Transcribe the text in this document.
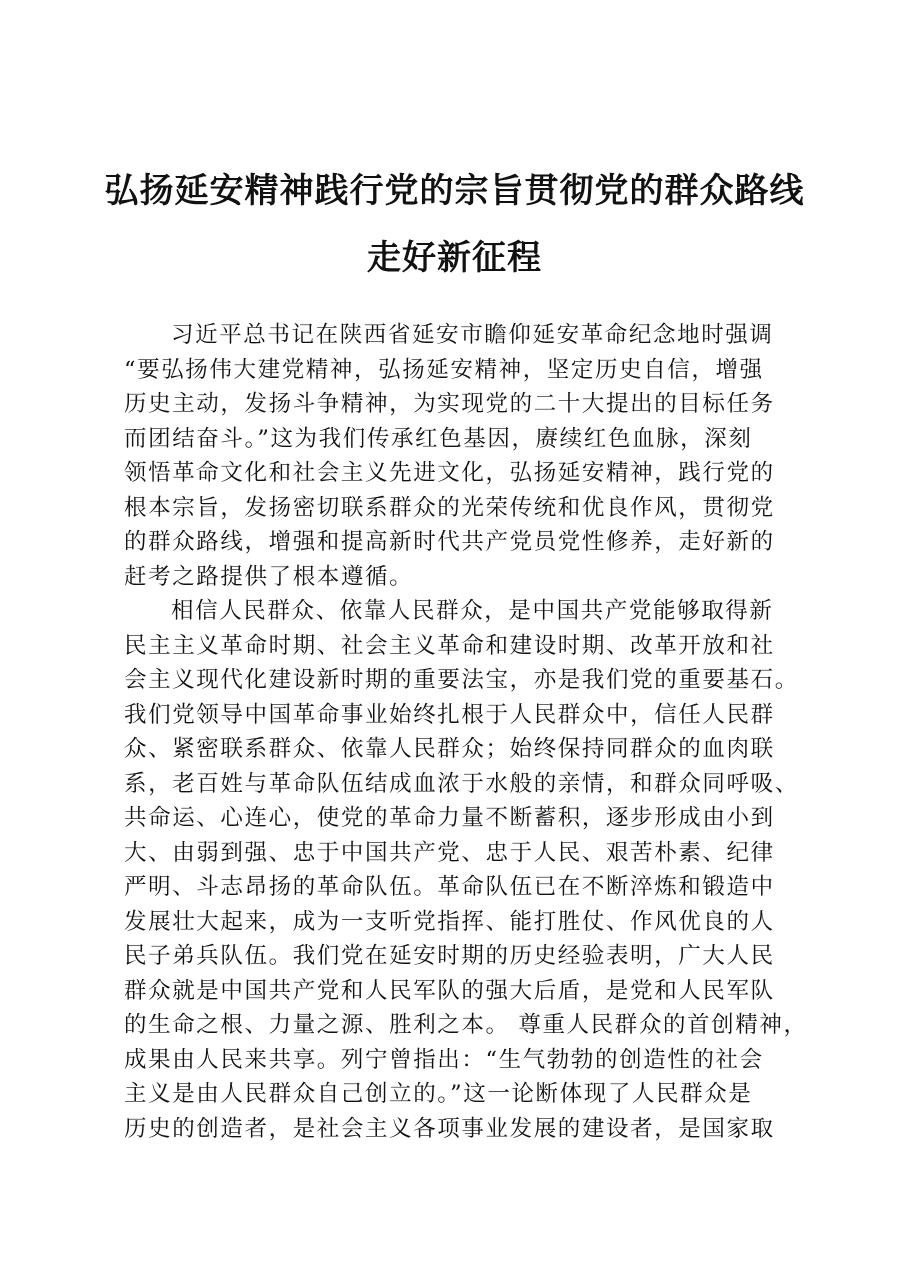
弘扬延安精神践行党的宗旨贯彻党的群众路线
走好新征程
习近平总书记在陕西省延安市瞻仰延安革命纪念地时强调
“要弘扬伟大建党精神，弘扬延安精神，坚定历史自信，增强
历史主动，发扬斗争精神，为实现党的二十大提出的目标任务
而团结奋斗。”这为我们传承红色基因，赓续红色血脉，深刻
领悟革命文化和社会主义先进文化，弘扬延安精神，践行党的
根本宗旨，发扬密切联系群众的光荣传统和优良作风，贯彻党
的群众路线，增强和提高新时代共产党员党性修养，走好新的
赶考之路提供了根本遵循。
相信人民群众、依靠人民群众，是中国共产党能够取得新
民主主义革命时期、社会主义革命和建设时期、改革开放和社
会主义现代化建设新时期的重要法宝，亦是我们党的重要基石。
我们党领导中国革命事业始终扎根于人民群众中，信任人民群
众、紧密联系群众、依靠人民群众；始终保持同群众的血肉联
系，老百姓与革命队伍结成血浓于水般的亲情，和群众同呼吸、
共命运、心连心，使党的革命力量不断蓄积，逐步形成由小到
大、由弱到强、忠于中国共产党、忠于人民、艰苦朴素、纪律
严明、斗志昂扬的革命队伍。革命队伍已在不断淬炼和锻造中
发展壮大起来，成为一支听党指挥、能打胜仗、作风优良的人
民子弟兵队伍。我们党在延安时期的历史经验表明，广大人民
群众就是中国共产党和人民军队的强大后盾，是党和人民军队
的生命之根、力量之源、胜利之本。 尊重人民群众的首创精神，
成果由人民来共享。列宁曾指出：“生气勃勃的创造性的社会
主义是由人民群众自己创立的。”这一论断体现了人民群众是
历史的创造者，是社会主义各项事业发展的建设者，是国家取
